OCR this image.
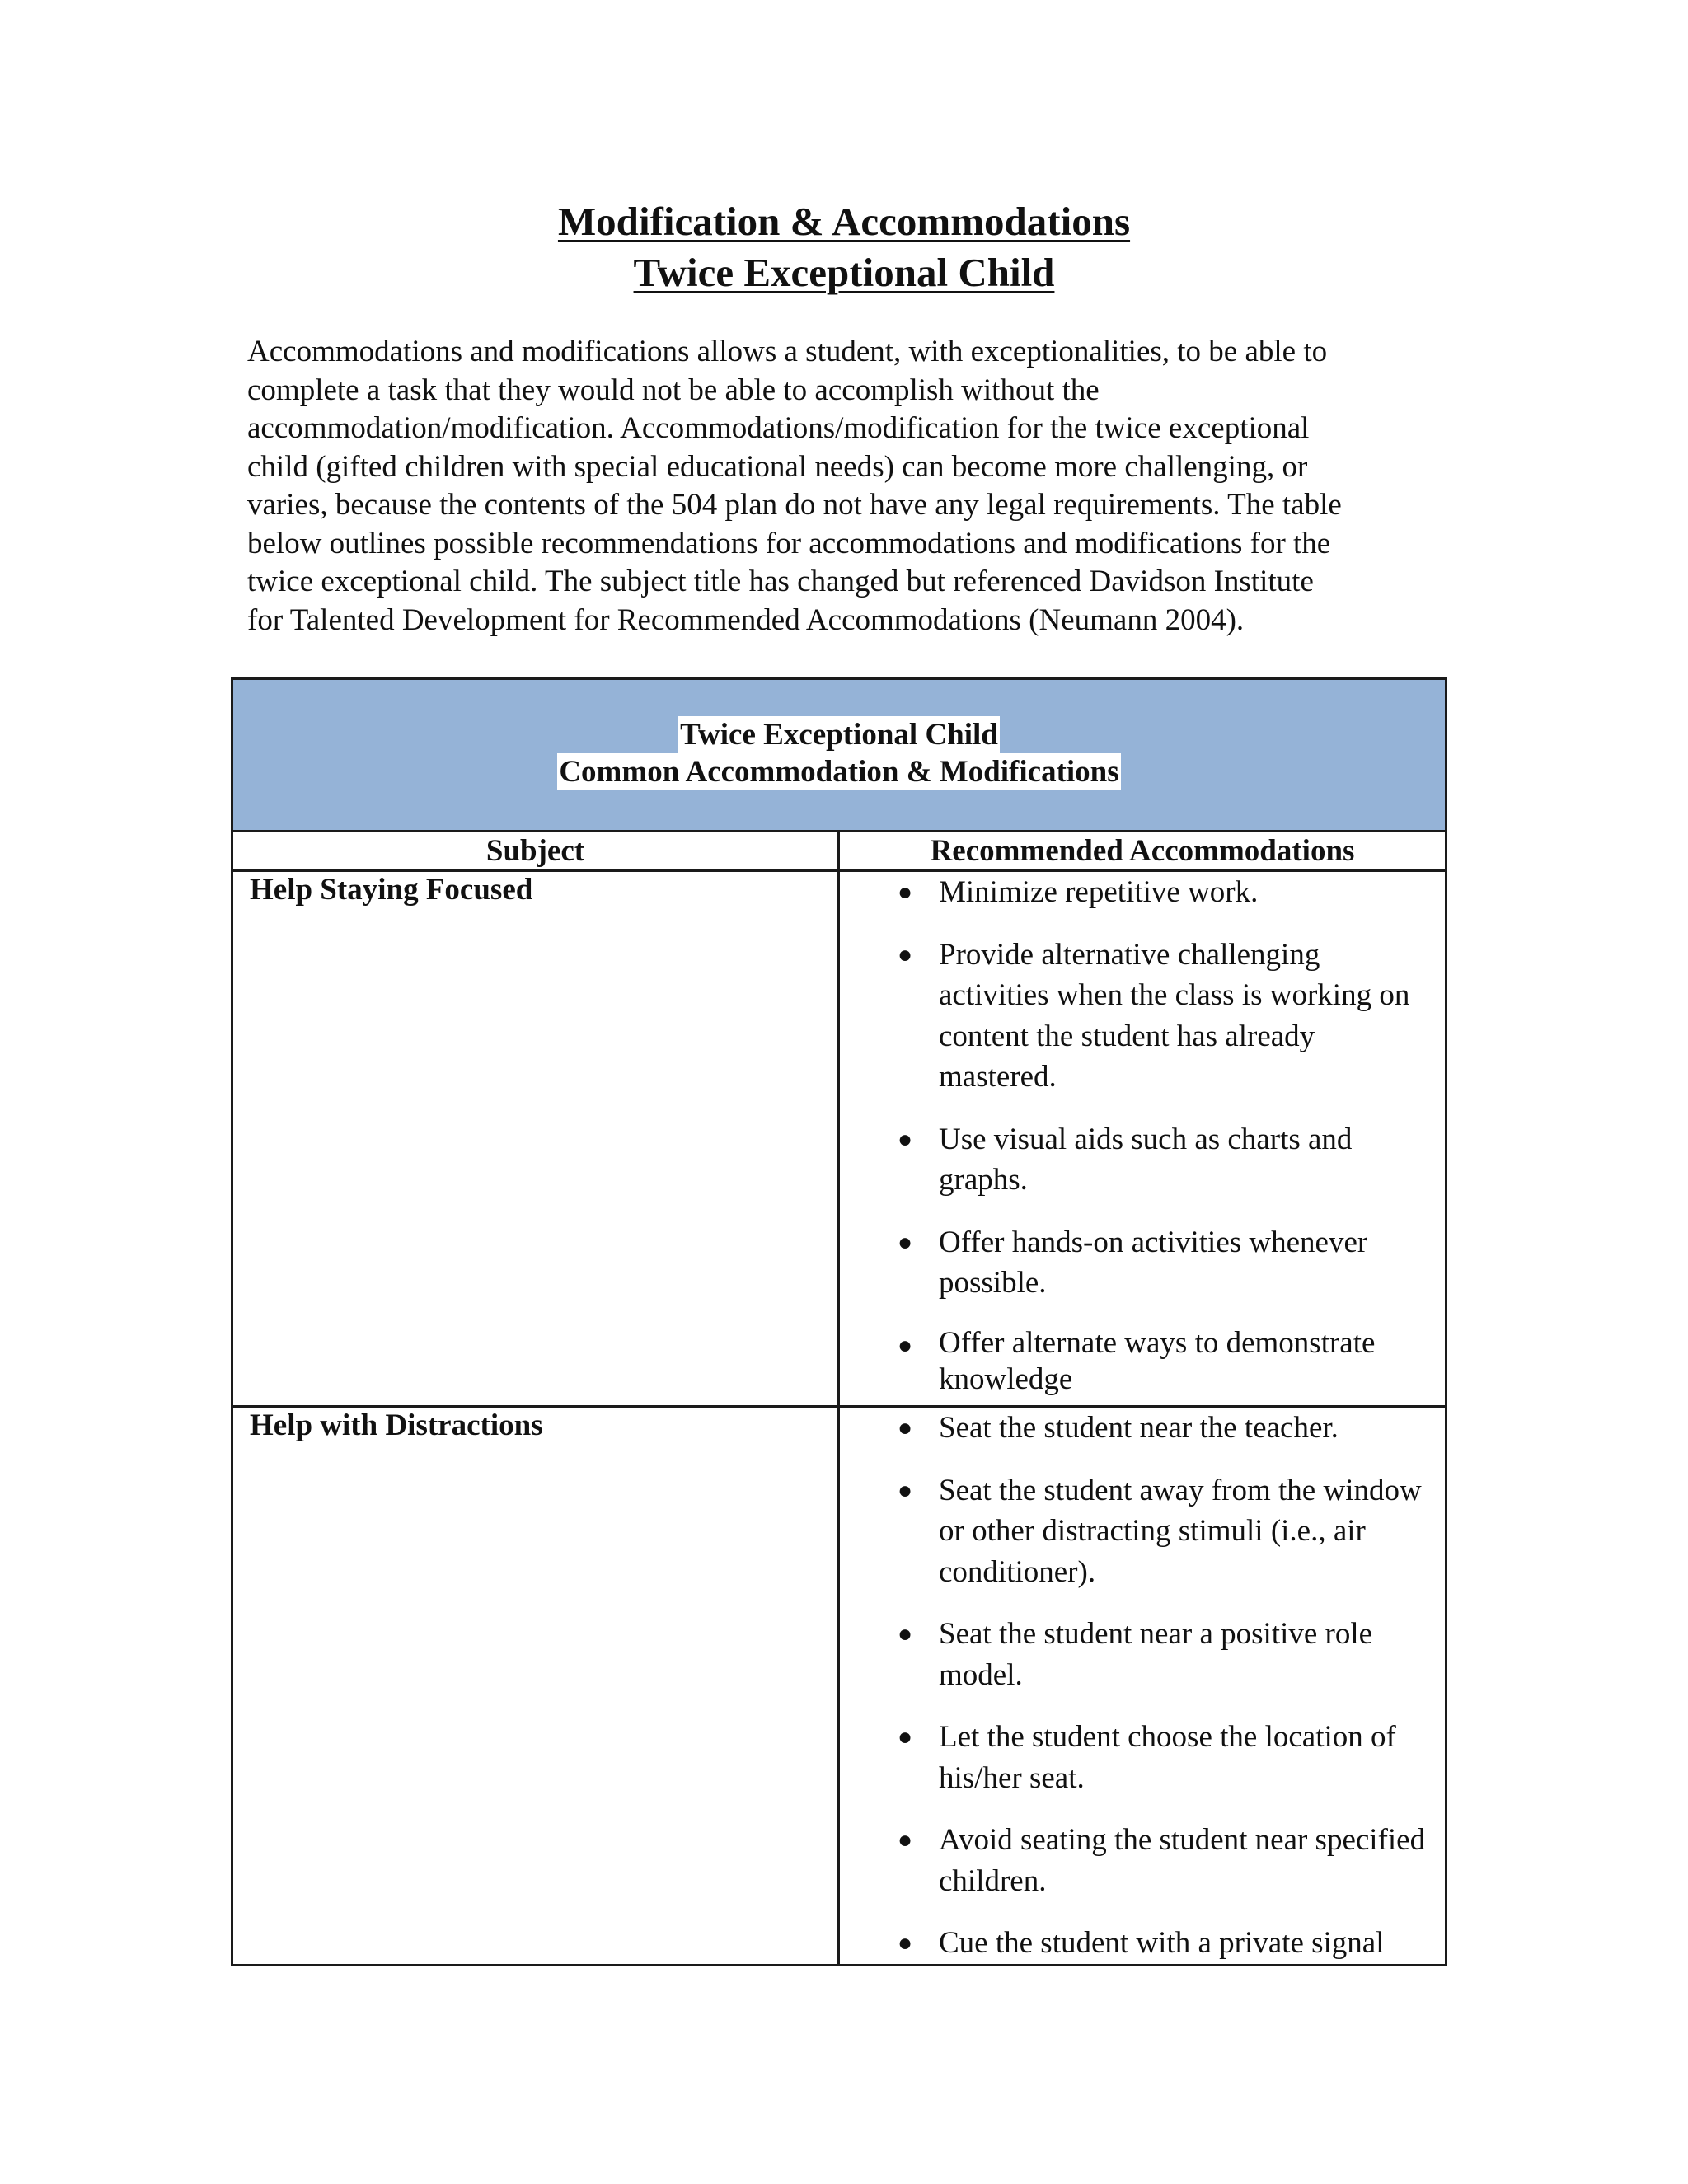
Modification & Accommodations
Twice Exceptional Child
Accommodations and modifications allows a student, with exceptionalities, to be able to
complete a task that they would not be able to accomplish without the
accommodation/modification. Accommodations/modification for the twice exceptional
child (gifted children with special educational needs) can become more challenging, or
varies, because the contents of the 504 plan do not have any legal requirements. The table
below outlines possible recommendations for accommodations and modifications for the
twice exceptional child. The subject title has changed but referenced Davidson Institute
for Talented Development for Recommended Accommodations (Neumann 2004).
Twice Exceptional Child
Common Accommodation & Modifications
Subject	Recommended Accommodations
Help Staying Focused	● Minimize repetitive work.
● Provide alternative challenging activities when the class is working on content the student has already mastered.
● Use visual aids such as charts and graphs.
● Offer hands-on activities whenever possible.
● Offer alternate ways to demonstrate knowledge
Help with Distractions	● Seat the student near the teacher.
● Seat the student away from the window or other distracting stimuli (i.e., air conditioner).
● Seat the student near a positive role model.
● Let the student choose the location of his/her seat.
● Avoid seating the student near specified children.
● Cue the student with a private signal
